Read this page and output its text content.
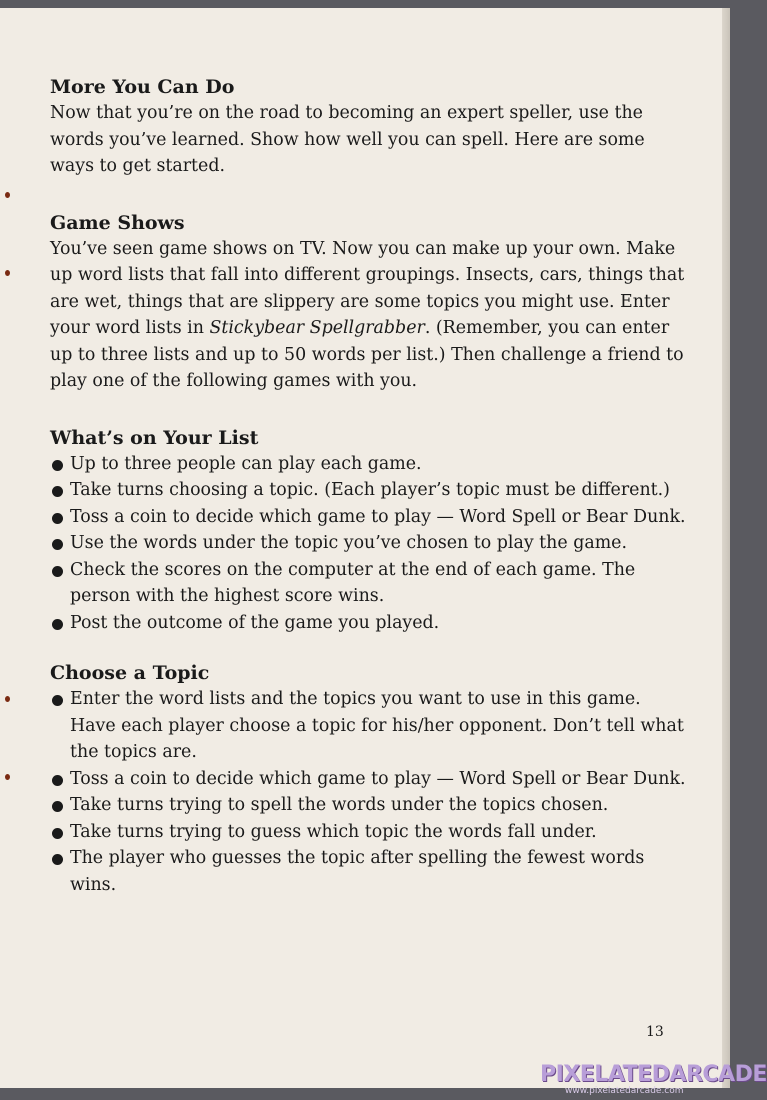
More You Can Do

Now that you’re on the road to becoming an expert speller, use the words you’ve learned. Show how well you can spell. Here are some ways to get started.

Game Shows

You’ve seen game shows on TV. Now you can make up your own. Make up word lists that fall into different groupings. Insects, cars, things that are wet, things that are slippery are some topics you might use. Enter your word lists in Stickybear Spellgrabber. (Remember, you can enter up to three lists and up to 50 words per list.) Then challenge a friend to play one of the following games with you.

What’s on Your List
Up to three people can play each game.
Take turns choosing a topic. (Each player’s topic must be different.)
Toss a coin to decide which game to play — Word Spell or Bear Dunk.
Use the words under the topic you’ve chosen to play the game.
Check the scores on the computer at the end of each game. The person with the highest score wins.
Post the outcome of the game you played.
Choose a Topic
Enter the word lists and the topics you want to use in this game. Have each player choose a topic for his/her opponent. Don’t tell what the topics are.
Toss a coin to decide which game to play — Word Spell or Bear Dunk.
Take turns trying to spell the words under the topics chosen.
Take turns trying to guess which topic the words fall under.
The player who guesses the topic after spelling the fewest words wins.
13
PIXELATEDARCADE
www.pixelatedarcade.com
